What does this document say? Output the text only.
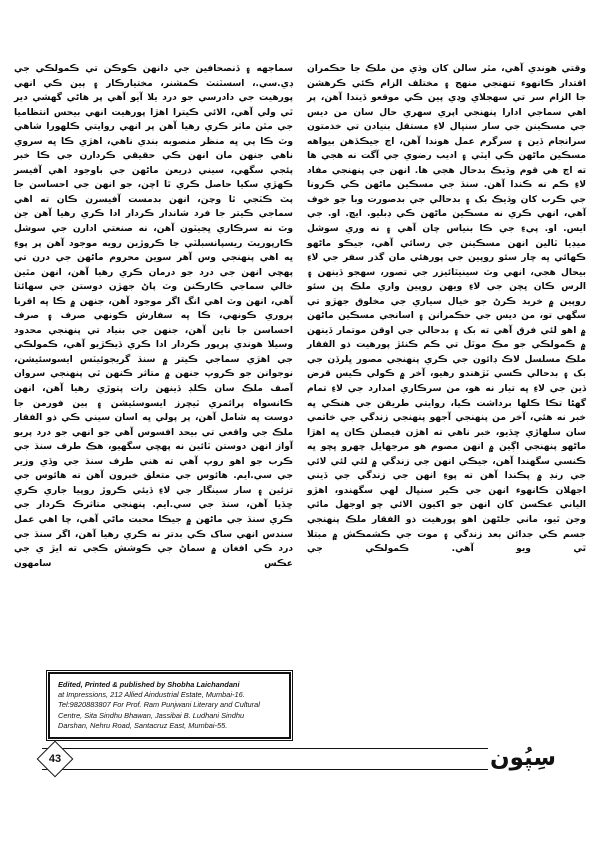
وقتي هوندي آهي، مٿر سالن کان وڌي من ملڪ جا حڪمران اقتدار ڪانهوء تنهنجي منهج ۽ مختلف الزام ڪئي ڪرهشن جا الزام سر تي سهجلاي وڍي پين ڪي موقعو ڏيندا آهن، پر اهي سماجي ادارا پنهنجي اپري سهري حال سان من ديس جي مسڪينن جي سار سنڀال لاءِ مستقل بنيادن تي خذمتون سرانجام ڏين ۽ سرگرم عمل هوندا آهن، اڄ جيڪڏهن بيواهه مسڪين ماڻهن ڪي ايٽي ۽ اديب رضوي جي آگت نه هجي ها ته اڄ هي قوم وڌيڪ بدحال هجي ها. انهن جي پنهنجي مفاد لاءِ ڪم نه ڪندا آهن. سنڌ جي مسڪين ماڻهن ڪي ڪرونا جي ڪرب کان وڌيڪ بک ۽ بدحالي جي بدصورت وبا جو خوف آهي، انهي ڪري نه مسڪين ماڻهن ڪي ڊبليو. ايڇ. او. جي ايس. او. پيءِ جي ڪا بنياس چان آهي ۽ نه وري سوشل ميڊيا ٽالين انهن مسڪينن جي رسائي آهي، جيڪو ماڻهو ڪهائي ڀه چار سئو روپين جي پورهئي مان گذر سفر جي لاءِ بيحال هجي، انهي وٽ سينيٽائيزر جي تصور، سهجو ڏينهن ۽ الرس ڪان ڀچن جي لاءِ ويهن روپين واري ملڪ ڀن سئو روپين ۾ خريد ڪرڻ جو خيال سياري جي مخلوق جهڙو تي سگهي تو، من ديس جي حڪمرانن ۽ اسانجي مسڪين ماڻهن ۾ اهو لئي فرق آهي ته بک ۽ بدحالي جي اوقن موتمار ڏينهن ۾ ڪمولڪي جو مڪ موٽل تي ڪم ڪنئڙ پورهيت ذو الفقار ملڪ مسلسل لاڪ ڊائون جي ڪري پنهنجي مصور ڀلرڏن جي بک ۽ بدحالي ڪسي ٽڙهندو رهيو، آخر ۾ ڪولي ڪيس قرض ڏين جي لاءِ ڀه تيار نه هو، من سرڪاري امدارد جي لاءِ تمام گهڻا تڪا ڪلها برداشت ڪيا، روايتي طريقن جي هنڪي ڀه خبر نه هئي، آخر من پنهنجي آجهو پنهنجي زندگي جي خاتمي سان سلهاڙي ڇڏيو، خبر ناهي ته اهڙن فيصلن ڪان ڀه اهڙا ماڻهو پنهنجي اڳين ۾ انهن مصوم هو مرجهايل چهرو ڀچو ڀه ڪنسي سگهندا آهن، جيڪي انهن جي زندگي ۾ لئي لئي لائي جي رنڊ ۾ پڪندا آهن ته پوءِ انهن جي زندگي جي ڏيني اجهلان ڪانهوء انهن جي ڪير سنڀال لهي سگهندو، اهڙو الياني عڪسن کان انهن جو اکيون الائي چو اوجهل مائي وجن ٿيو، ماني جلڻهن اهو پورهيت ذو الفقار ملڪ پنهنجي جسم ڪي جدائن بعد زندگي ۽ موت جي ڪشمڪش ۾ مبتلا ٿي ويو آهي. ڪمولڪي جي

سماجهه ۽ ڏنصحافين جي دانهن ڪوڪن تي ڪمولڪي جي ڊي.سي.، اسسٽنٽ ڪمشنر، مختيارڪار ۽ ٻين ڪي انهي پورهيت جي دادرسي جو درد يلا آيو آهي پر هاڻي گهشي دير ٿي ولي آهي، الائي ڪيترا اهڙا پورهيت انهي بيحس انتظاميا جي مٿن ماٺر ڪري رهيا آهن پر انهي روايتي ڪلهورا شاهي وٽ ڪا ٻي ڀه منظر منصوبه بندي ناهي، اهڙي ڪا ڀه سروي ناهي جنهن مان انهن ڪي حقيقي ڪردارن جي ڪا خبر پئجي سگهي، سيني ذريعن ماڻهن جي باوجود اهي آفيسر ڪهڙي سکيا حاصل ڪري ٿا اچن، جو انهن جي احساسن جا پٽ ڪٽجي ٿا وڃن، انهن بدمست آفيسرن ڪان ته اهي سماجي ڪيتر جا فرد شاندار ڪردار ادا ڪري رهيا آهن جن وٽ نه سرڪاري ڀجيٽون آهن، نه صنعتي ادارن جي سوشل ڪارپوريٽ ريسپانسبلٽي جا ڪروڙين رويه موجود آهن پر پوءِ ڀه اهي پنهنجي وس آهر سوين محروم ماڻهن جي درن تي پهچي انهن جي درد جو درمان ڪري رهيا آهن، انهن مٿين خالي سماجي ڪارڪنن وٽ پاڻ جهڙن دوستن جي سهائتا آهي، انهن وٽ اهي انگ اگر موجود آهن، جنهن ۾ ڪا ڀه اقربا پروري ڪونهي، ڪا ڀه سفارش ڪونهي صرف ۽ صرف احساسن جا ناين آهن، جنهن جي بنياد تي پنهنجي محدود وسيلا هوندي پرپور ڪردار ادا ڪري ڏيڪڙيو آهي، ڪمولڪي جي اهڙي سماجي ڪيتر ۾ سنڌ گريجوئيٽس ايسوسئيشن، نوجوانن جو ڪروپ جنهن ۾ متاثر ڪنهن ٿي پنهنجي سروان آصف ملڪ سان ڪلڊ ڏينهن رات پتوڙي رهيا آهن، انهن ڪانسواه پرائمري ٽيچرز ايسوسئيشن ۽ ٻين فورمن جا دوست ڀه شامل آهن، پر پولي ڀه اسان سيني ڪي ذو الفقار ملڪ جي واقعي تي بيحد افسوس آهي جو انهي جو درد پريو آواز انهن دوستن ٽائين نه پهچي سگهيو، هڪ طرف سنڌ جي ڪرب جو اهو روپ آهي ته هني طرف سنڌ جي وڏي وزير جي سي.ايم. هائوس جي متعلق خبرون آهن ته هائوس جي تزئين ۽ سار سينگار جي لاءِ ڏيئي ڪروڙ روپيا جاري ڪري ڇڏيا آهن، سنڌ جي سي.ايم. پنهنجي متاثرڪ ڪردار جي ڪري سنڌ جي ماڻهن ۾ جيڪا محبت ماڻي آهي، چا اهي عمل سندس انهي ساک ڪي بدتر نه ڪري رهيا آهن، اگر سنڌ جي درد ڪي افغان ۾ سماڻ جي ڪوشش ڪجي ته ايڙ ي جي عڪس سامهون

Edited, Printed & published by Shobha Laichandani
at Impressions, 212 Allied Aindustrial Estate, Mumbai-16.
Tel:9820883807 For Prof. Ram Punjwani Literary and Cultural
Centre, Sita Sindhu Bhawan, Jassibai B. Ludhani Sindhu
Darshan, Nehru Road, Santacruz East, Mumbai-55.
43	سِپُون
